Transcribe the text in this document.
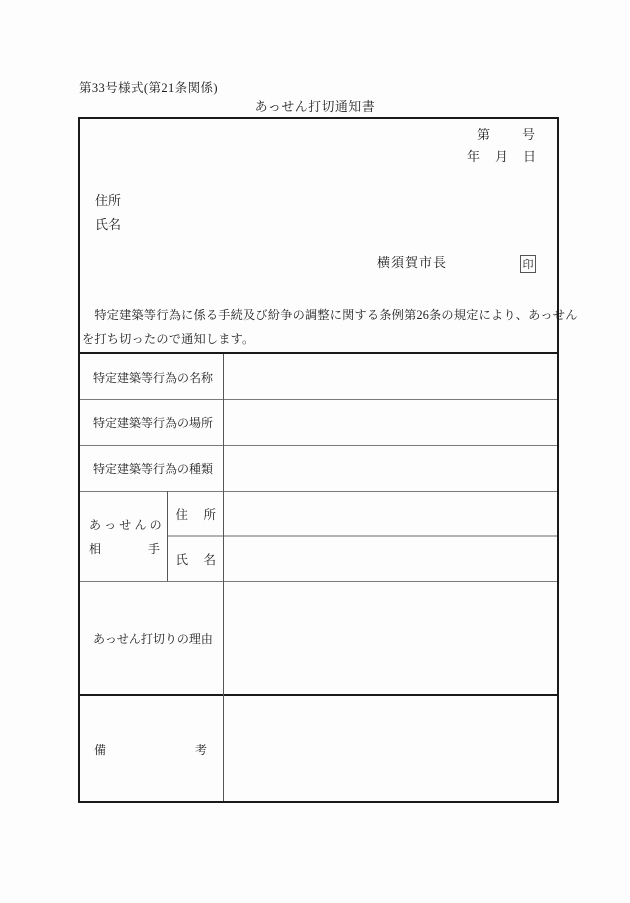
第33号様式(第21条関係)
あっせん打切通知書
第　　号
年　月　日
住所
氏名
横須賀市長	印
　特定建築等行為に係る手続及び紛争の調整に関する条例第26条の規定により、あっせん
を打ち切ったので通知します。
特定建築等行為の名称
特定建築等行為の場所
特定建築等行為の種類
あっせんの
相	手
住　所
氏　名
あっせん打切りの理由
備	考
